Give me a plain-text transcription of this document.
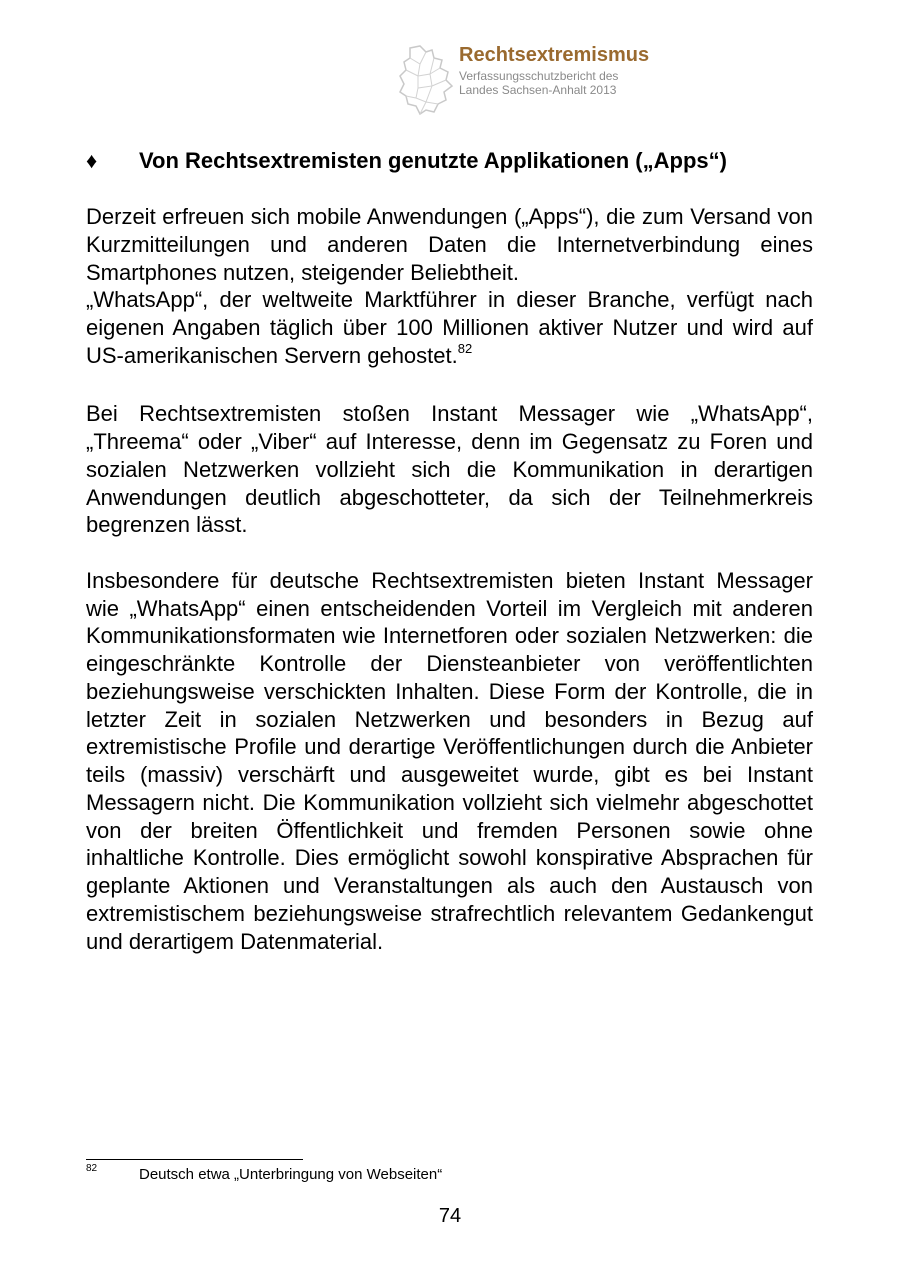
Rechtsextremismus
Verfassungsschutzbericht des
Landes Sachsen-Anhalt 2013
♦ Von Rechtsextremisten genutzte Applikationen („Apps“)

Derzeit erfreuen sich mobile Anwendungen („Apps“), die zum Versand von Kurzmitteilungen und anderen Daten die Internetverbindung eines Smartphones nutzen, steigender Beliebtheit.

„WhatsApp“, der weltweite Marktführer in dieser Branche, verfügt nach eigenen Angaben täglich über 100 Millionen aktiver Nutzer und wird auf US-amerikanischen Servern gehostet.$^{82}$

Bei Rechtsextremisten stoßen Instant Messager wie „WhatsApp“, „Threema“ oder „Viber“ auf Interesse, denn im Gegensatz zu Foren und sozialen Netzwerken vollzieht sich die Kommunikation in derartigen Anwendungen deutlich abgeschotteter, da sich der Teilnehmerkreis begrenzen lässt.

Insbesondere für deutsche Rechtsextremisten bieten Instant Messager wie „WhatsApp“ einen entscheidenden Vorteil im Vergleich mit anderen Kommunikationsformaten wie Internetforen oder sozialen Netzwerken: die eingeschränkte Kontrolle der Diensteanbieter von veröffentlichten beziehungsweise verschickten Inhalten. Diese Form der Kontrolle, die in letzter Zeit in sozialen Netzwerken und besonders in Bezug auf extremistische Profile und derartige Veröffentlichungen durch die Anbieter teils (massiv) verschärft und ausgeweitet wurde, gibt es bei Instant Messagern nicht. Die Kommunikation vollzieht sich vielmehr abgeschottet von der breiten Öffentlichkeit und fremden Personen sowie ohne inhaltliche Kontrolle. Dies ermöglicht sowohl konspirative Absprachen für geplante Aktionen und Veranstaltungen als auch den Austausch von extremistischem beziehungsweise strafrechtlich relevantem Gedankengut und derartigem Datenmaterial.

82	Deutsch etwa „Unterbringung von Webseiten“
74
